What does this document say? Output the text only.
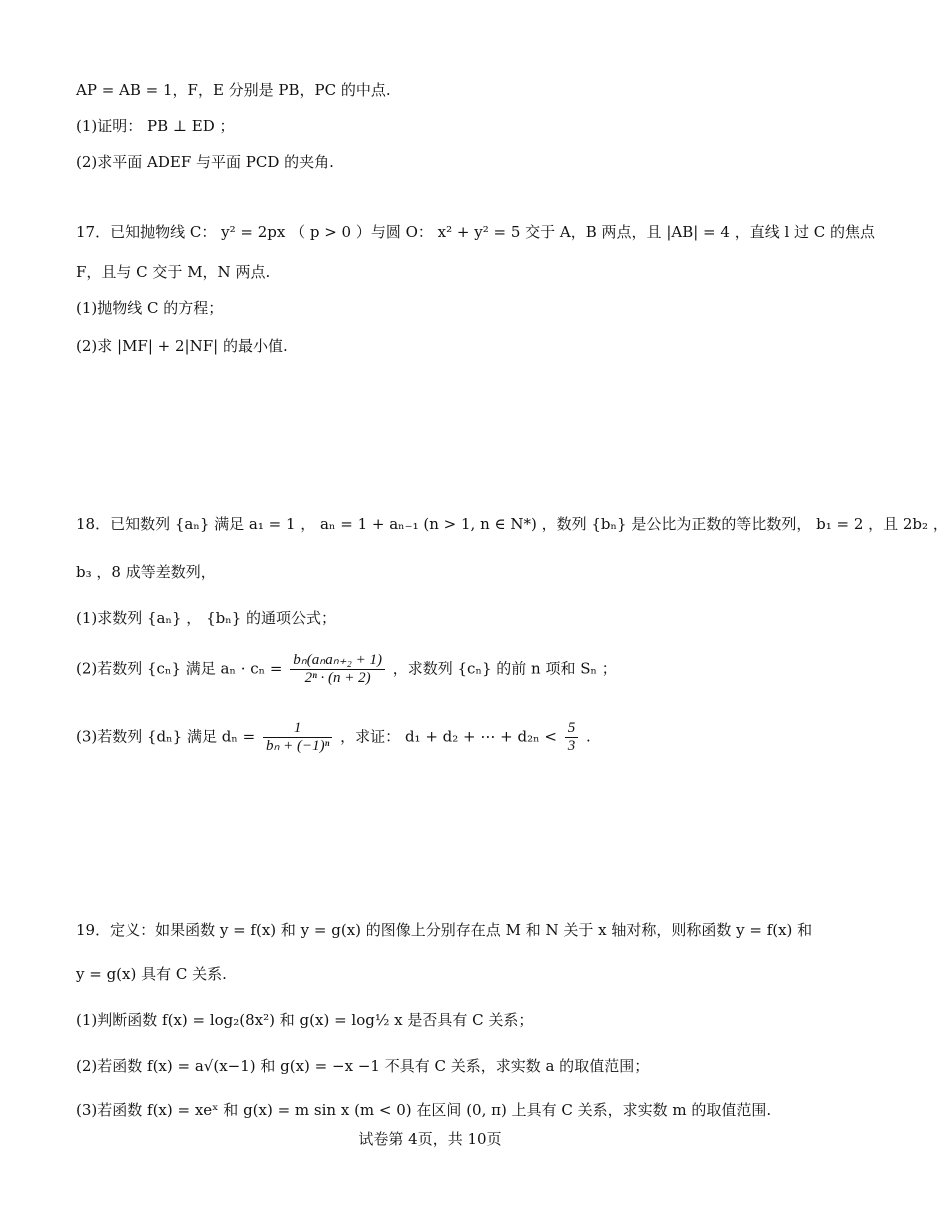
AP = AB = 1，F，E 分别是 PB，PC 的中点.
(1)证明： PB ⊥ ED ；
(2)求平面 ADEF 与平面 PCD 的夹角.
17．已知抛物线 C： y² = 2px （ p > 0 ）与圆 O： x² + y² = 5 交于 A，B 两点，且 |AB| = 4 ，直线 l 过 C 的焦点
F，且与 C 交于 M，N 两点.
(1)抛物线 C 的方程；
(2)求 |MF| + 2|NF| 的最小值.
18．已知数列 {aₙ} 满足 a₁ = 1 ， aₙ = 1 + aₙ₋₁ (n > 1, n ∈ N*) ，数列 {bₙ} 是公比为正数的等比数列， b₁ = 2 ，且 2b₂ ，
b₃ ，8 成等差数列，
(1)求数列 {aₙ} ， {bₙ} 的通项公式；
(2)若数列 {cₙ} 满足 $a_n \cdot c_n = \frac{\text{bₙ(aₙaₙ₊₂ + 1)}}{\text{2ⁿ · (n + 2)}}$ ，求数列 {cₙ} 的前 n 项和 Sₙ ；
(3)若数列 {dₙ} 满足 $d_n = \frac{1}{\text{bₙ + (−1)ⁿ}}$ ，求证： d₁ + d₂ + ⋯ + $d_{2n} < \frac{5}{3}$ .
19．定义：如果函数 y = f(x) 和 y = g(x) 的图像上分别存在点 M 和 N 关于 x 轴对称，则称函数 y = f(x) 和
y = g(x) 具有 C 关系.
(1)判断函数 f(x) = log₂(8x²) 和 g(x) = log½ x 是否具有 C 关系；
(2)若函数 f(x) = a√(x−1) 和 g(x) = −x −1 不具有 C 关系，求实数 a 的取值范围；
(3)若函数 f(x) = xeˣ 和 g(x) = m sin x (m < 0) 在区间 (0, π) 上具有 C 关系，求实数 m 的取值范围.
试卷第 4页，共 10页
